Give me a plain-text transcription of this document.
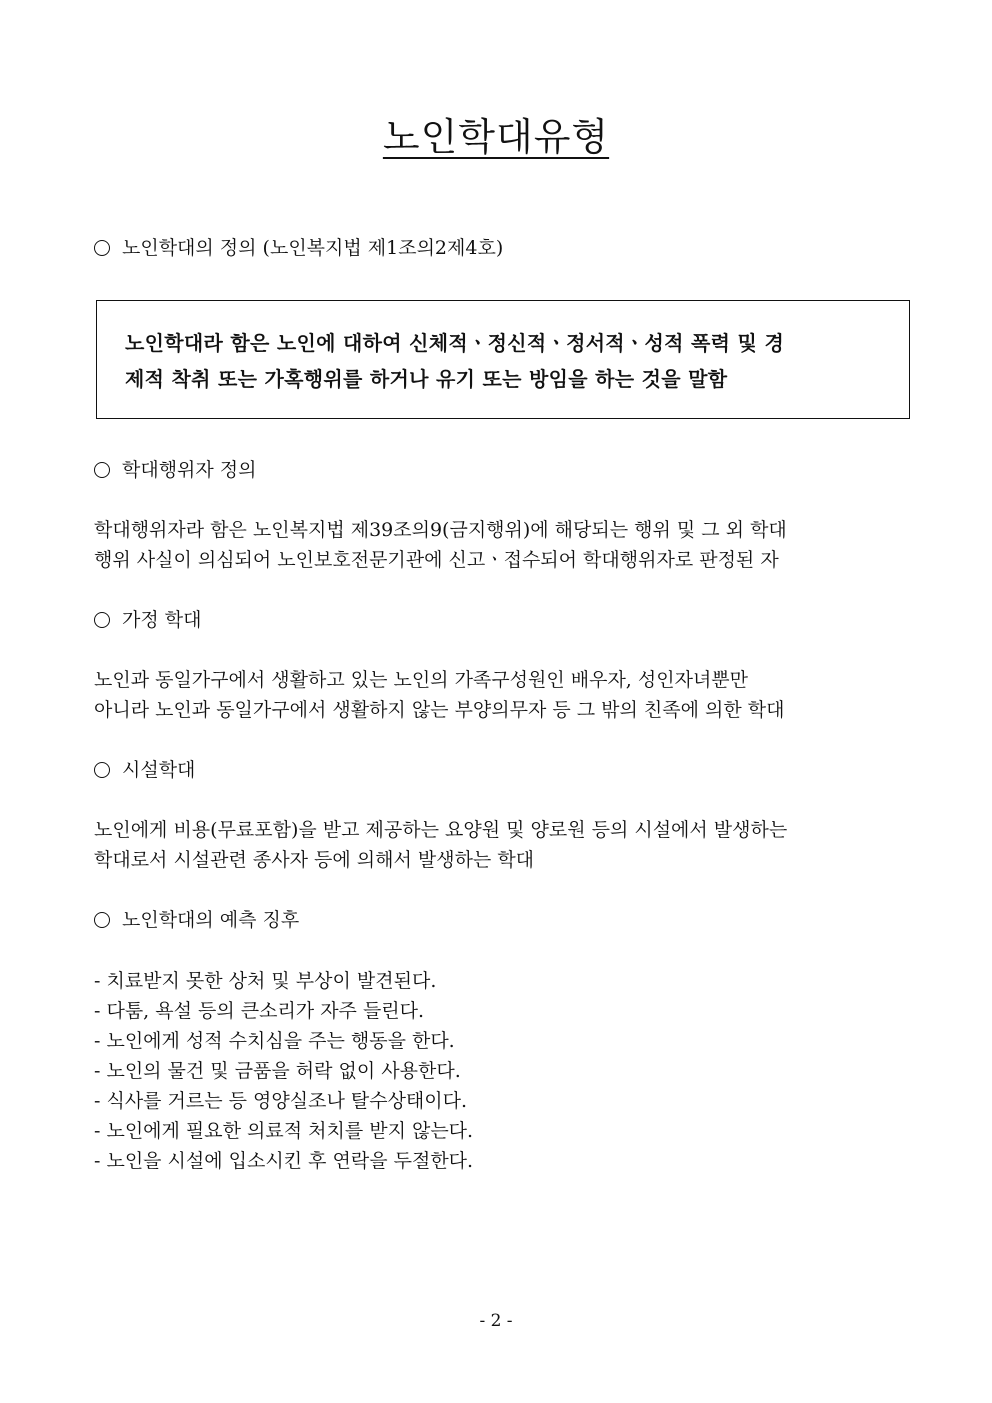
노인학대유형
노인학대의 정의 (노인복지법 제1조의2제4호)
노인학대라 함은 노인에 대하여 신체적ㆍ정신적ㆍ정서적ㆍ성적 폭력 및 경
제적 착취 또는 가혹행위를 하거나 유기 또는 방임을 하는 것을 말함
학대행위자 정의
학대행위자라 함은 노인복지법 제39조의9(금지행위)에 해당되는 행위 및 그 외 학대
행위 사실이 의심되어 노인보호전문기관에 신고ㆍ접수되어 학대행위자로 판정된 자
가정 학대
노인과 동일가구에서 생활하고 있는 노인의 가족구성원인 배우자, 성인자녀뿐만
아니라 노인과 동일가구에서 생활하지 않는 부양의무자 등 그 밖의 친족에 의한 학대
시설학대
노인에게 비용(무료포함)을 받고 제공하는 요양원 및 양로원 등의 시설에서 발생하는
학대로서 시설관련 종사자 등에 의해서 발생하는 학대
노인학대의 예측 징후
- 치료받지 못한 상처 및 부상이 발견된다.
- 다툼, 욕설 등의 큰소리가 자주 들린다.
- 노인에게 성적 수치심을 주는 행동을 한다.
- 노인의 물건 및 금품을 허락 없이 사용한다.
- 식사를 거르는 등 영양실조나 탈수상태이다.
- 노인에게 필요한 의료적 처치를 받지 않는다.
- 노인을 시설에 입소시킨 후 연락을 두절한다.
- 2 -
